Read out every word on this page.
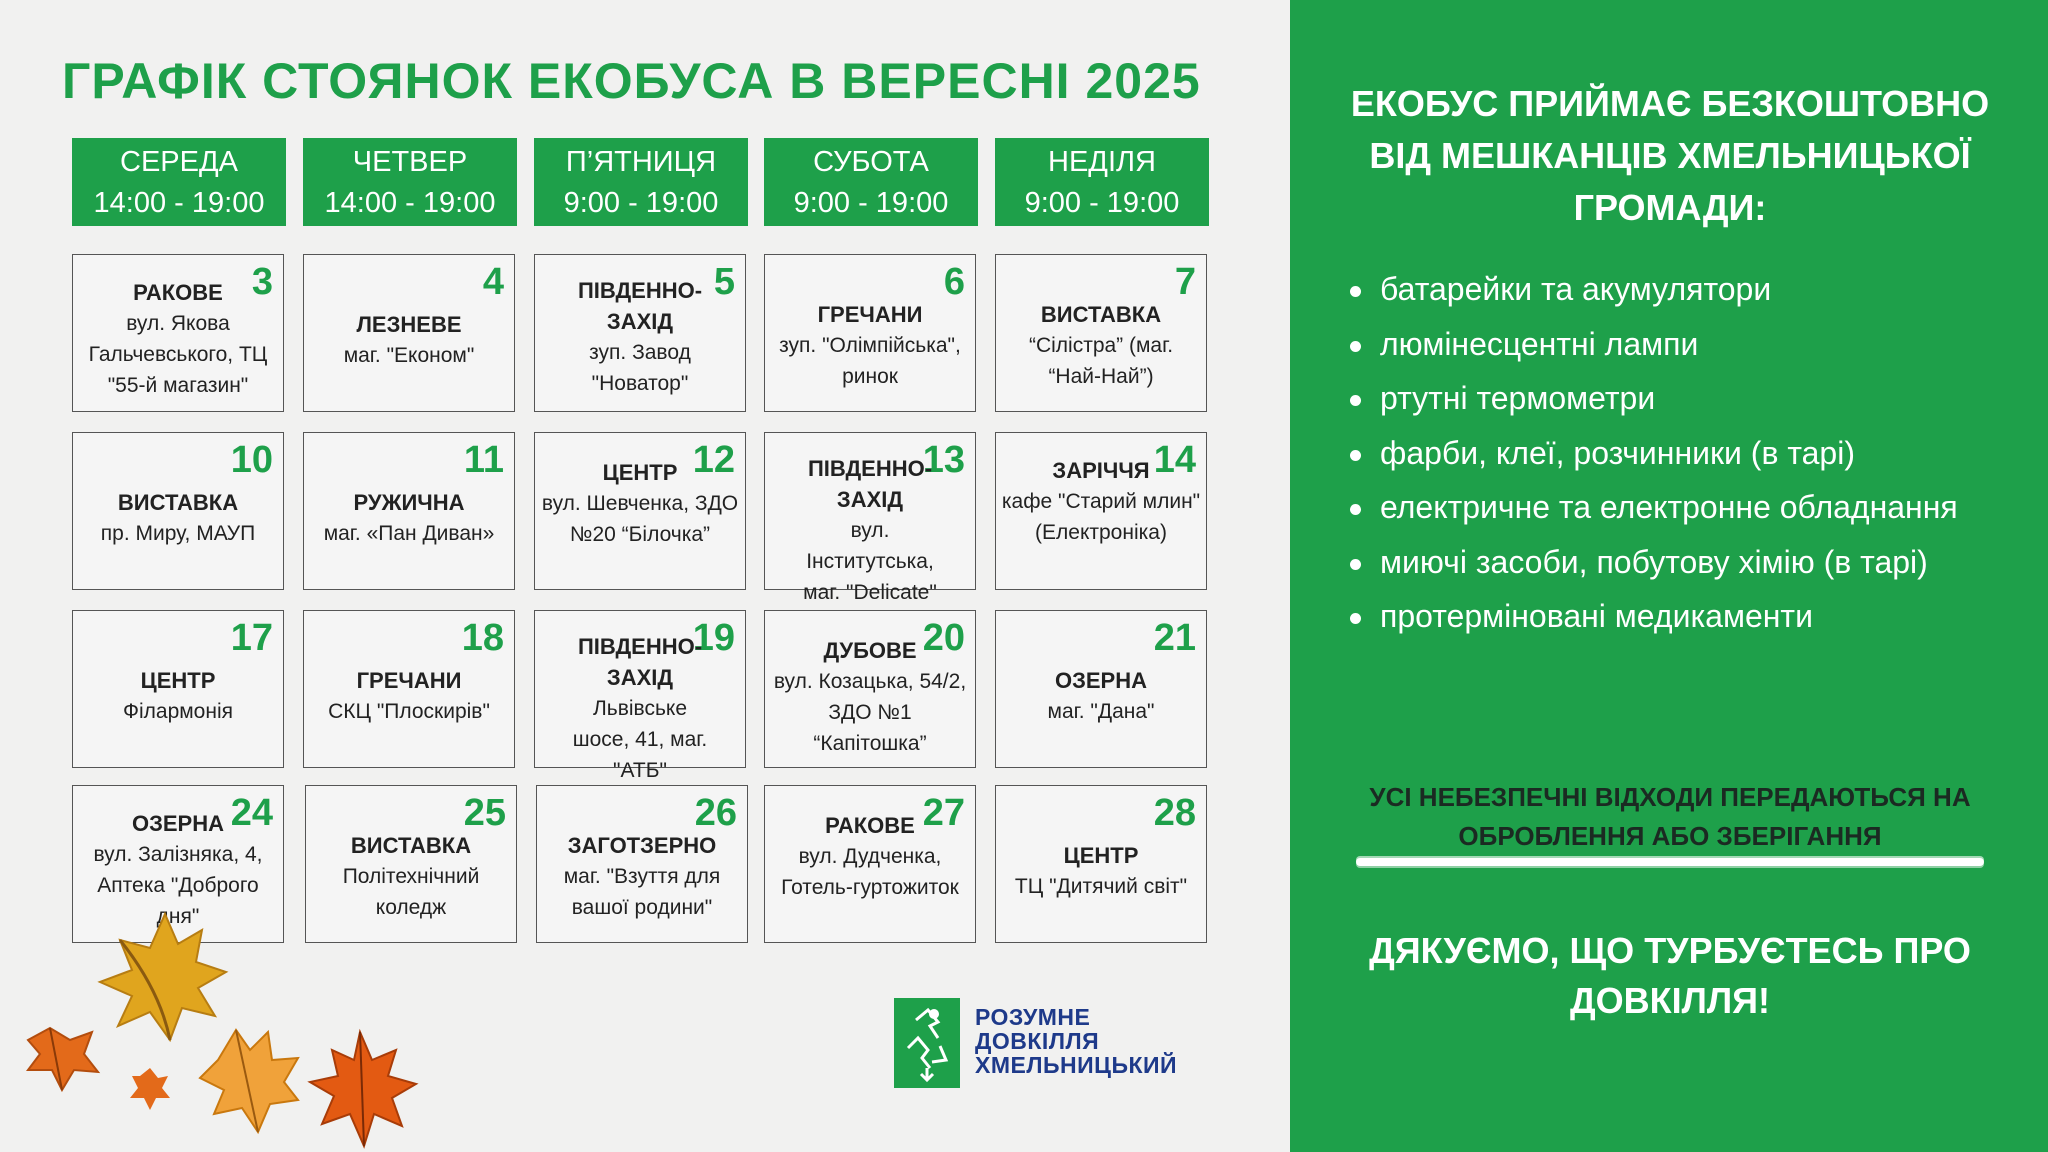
ГРАФІК СТОЯНОК ЕКОБУСА В ВЕРЕСНІ 2025
СЕРЕДА
14:00 - 19:00
ЧЕТВЕР
14:00 - 19:00
П’ЯТНИЦЯ
9:00 - 19:00
СУБОТА
9:00 - 19:00
НЕДІЛЯ
9:00 - 19:00
3
РАКОВЕ
вул. Якова Гальчевського, ТЦ "55-й магазин"
4
ЛЕЗНЕВЕ
маг. "Економ"
5
ПІВДЕННО-ЗАХІД
зуп. Завод "Новатор"
6
ГРЕЧАНИ
зуп. "Олімпійська", ринок
7
ВИСТАВКА
“Сіліcтра” (маг. “Най-Най”)
10
ВИСТАВКА
пр. Миру, МАУП
11
РУЖИЧНА
маг. «Пан Диван»
12
ЦЕНТР
вул. Шевченка, ЗДО №20 “Білочка”
13
ПІВДЕННО-ЗАХІД
вул. Інститутська, маг. "Delicate"
14
ЗАРІЧЧЯ
кафе "Старий млин" (Електроніка)
17
ЦЕНТР
Філармонія
18
ГРЕЧАНИ
СКЦ "Плоскирів"
19
ПІВДЕННО-ЗАХІД
Львівське шосе, 41, маг. "АТБ"
20
ДУБОВЕ
вул. Козацька, 54/2, ЗДО №1 “Капітошка”
21
ОЗЕРНА
маг. "Дана"
24
ОЗЕРНА
вул. Залізняка, 4, Аптека "Доброго дня"
25
ВИСТАВКА
Політехнічний коледж
26
ЗАГОТЗЕРНО
маг. "Взуття для вашої родини"
27
РАКОВЕ
вул. Дудченка, Готель-гуртожиток
28
ЦЕНТР
ТЦ "Дитячий світ"
РОЗУМНЕ
ДОВКІЛЛЯ
ХМЕЛЬНИЦЬКИЙ
ЕКОБУС ПРИЙМАЄ БЕЗКОШТОВНО ВІД МЕШКАНЦІВ ХМЕЛЬНИЦЬКОЇ ГРОМАДИ:
батарейки та акумулятори
люмінесцентні лампи
ртутні термометри
фарби, клеї, розчинники (в тарі)
електричне та електронне обладнання
миючі засоби, побутову хімію (в тарі)
протерміновані медикаменти
УСІ НЕБЕЗПЕЧНІ ВІДХОДИ ПЕРЕДАЮТЬСЯ НА ОБРОБЛЕННЯ АБО ЗБЕРІГАННЯ
ДЯКУЄМО, ЩО ТУРБУЄТЕСЬ ПРО ДОВКІЛЛЯ!
